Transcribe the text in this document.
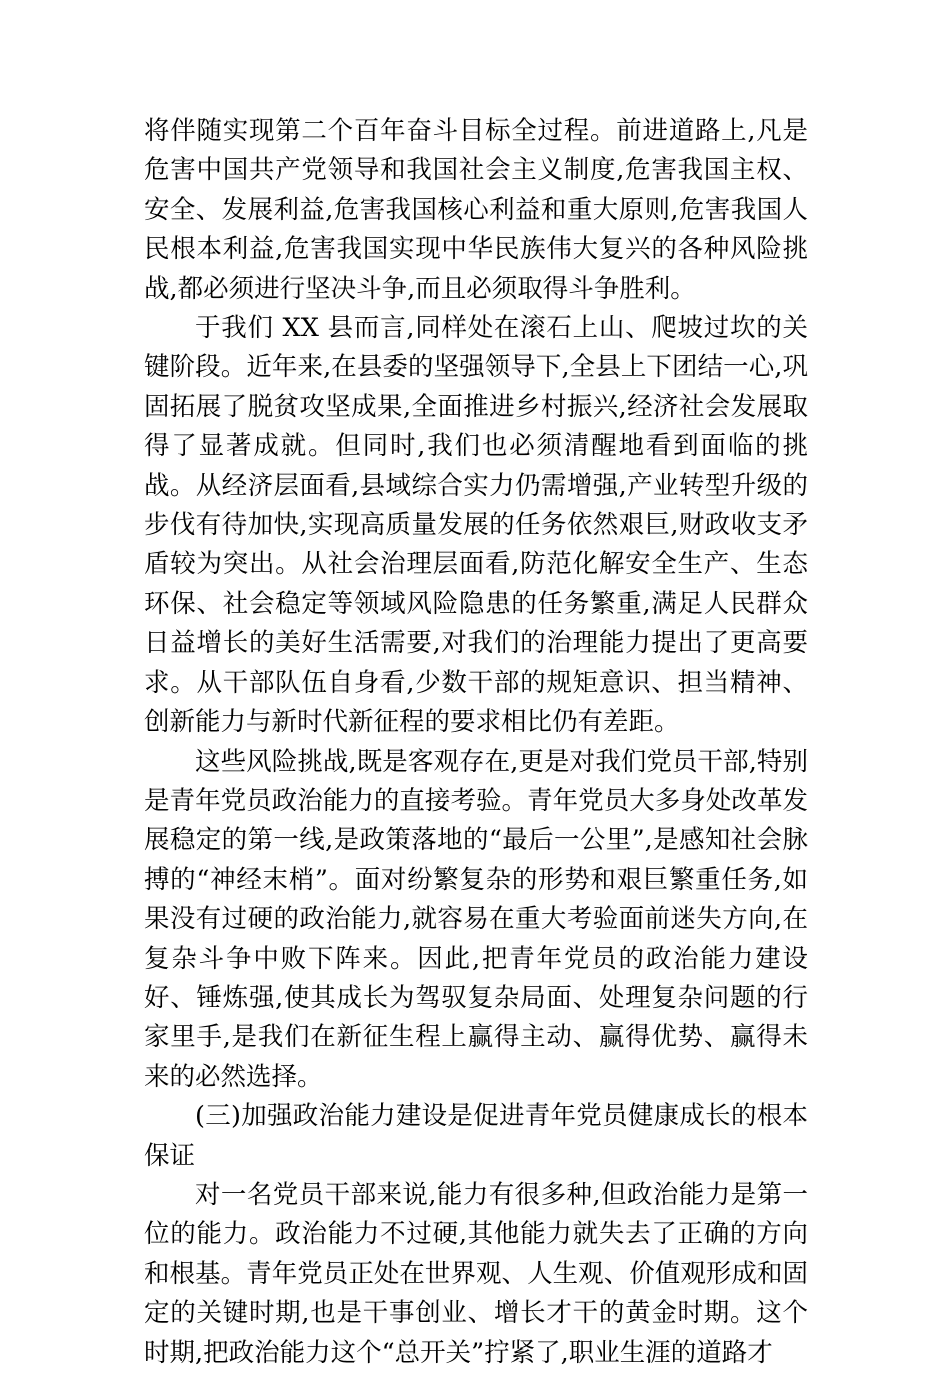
将伴随实现第二个百年奋斗目标全过程。前进道路上,凡是危害中国共产党领导和我国社会主义制度,危害我国主权、安全、发展利益,危害我国核心利益和重大原则,危害我国人民根本利益,危害我国实现中华民族伟大复兴的各种风险挑战,都必须进行坚决斗争,而且必须取得斗争胜利。

于我们 XX 县而言,同样处在滚石上山、爬坡过坎的关键阶段。近年来,在县委的坚强领导下,全县上下团结一心,巩固拓展了脱贫攻坚成果,全面推进乡村振兴,经济社会发展取得了显著成就。但同时,我们也必须清醒地看到面临的挑战。从经济层面看,县域综合实力仍需增强,产业转型升级的步伐有待加快,实现高质量发展的任务依然艰巨,财政收支矛盾较为突出。从社会治理层面看,防范化解安全生产、生态环保、社会稳定等领域风险隐患的任务繁重,满足人民群众日益增长的美好生活需要,对我们的治理能力提出了更高要求。从干部队伍自身看,少数干部的规矩意识、担当精神、创新能力与新时代新征程的要求相比仍有差距。

这些风险挑战,既是客观存在,更是对我们党员干部,特别是青年党员政治能力的直接考验。青年党员大多身处改革发展稳定的第一线,是政策落地的“最后一公里”,是感知社会脉搏的“神经末梢”。面对纷繁复杂的形势和艰巨繁重任务,如果没有过硬的政治能力,就容易在重大考验面前迷失方向,在复杂斗争中败下阵来。因此,把青年党员的政治能力建设好、锤炼强,使其成长为驾驭复杂局面、处理复杂问题的行家里手,是我们在新征生程上赢得主动、赢得优势、赢得未来的必然选择。

(三)加强政治能力建设是促进青年党员健康成长的根本保证

对一名党员干部来说,能力有很多种,但政治能力是第一位的能力。政治能力不过硬,其他能力就失去了正确的方向和根基。青年党员正处在世界观、人生观、价值观形成和固定的关键时期,也是干事创业、增长才干的黄金时期。这个时期,把政治能力这个“总开关”拧紧了,职业生涯的道路才
